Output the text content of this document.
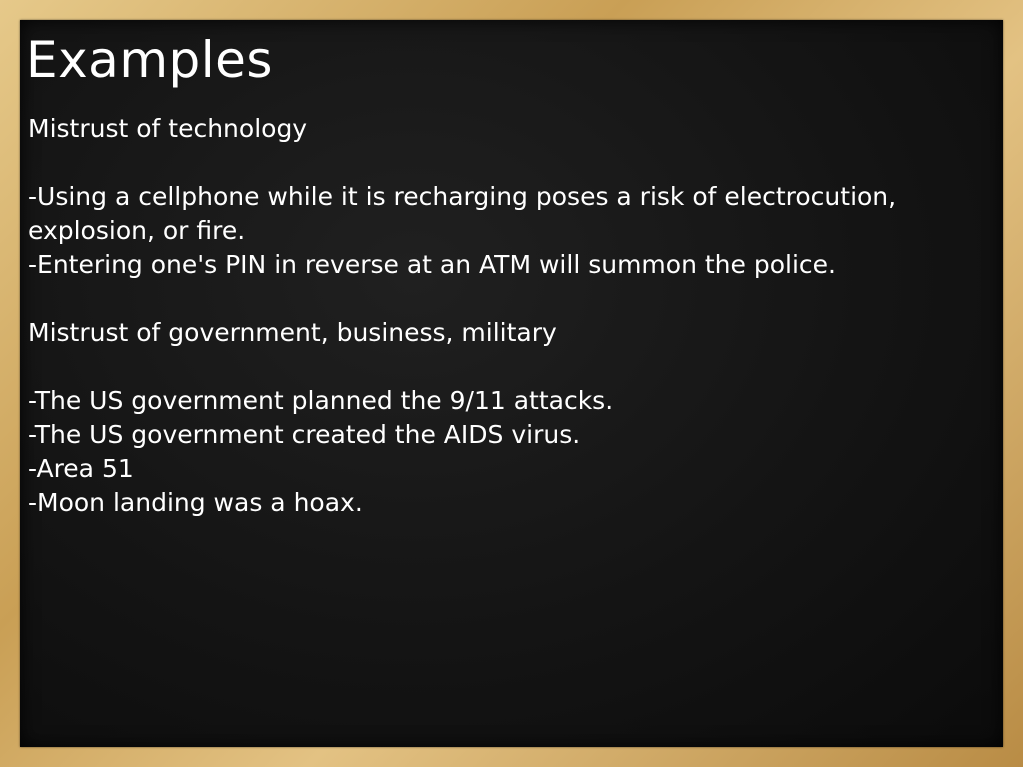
Examples
Mistrust of technology
-Using a cellphone while it is recharging poses a risk of electrocution, explosion, or fire.
-Entering one's PIN in reverse at an ATM will summon the police.
Mistrust of government, business, military
-The US government planned the 9/11 attacks.
-The US government created the AIDS virus.
-Area 51
-Moon landing was a hoax.
